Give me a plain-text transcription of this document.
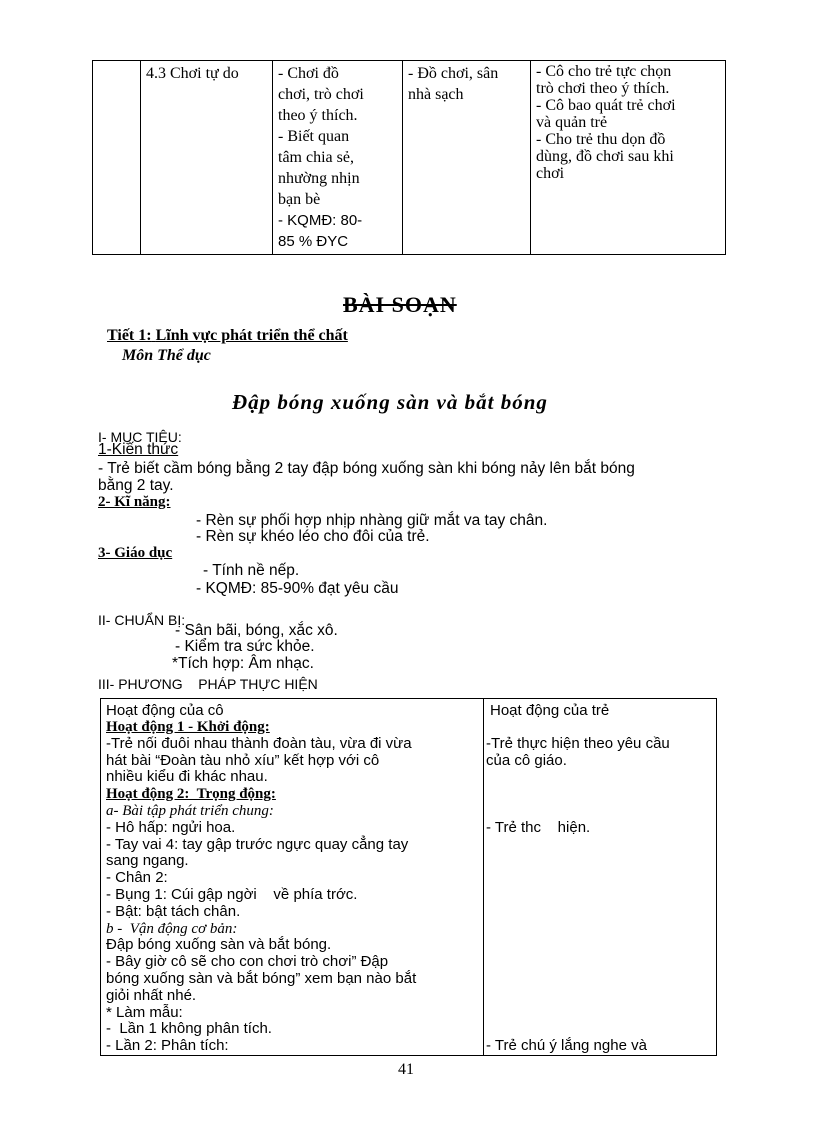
4.3 Chơi tự do	- Chơi đồ
chơi, trò chơi
theo ý thích.
- Biết quan
tâm chia sẻ,
nhường nhịn
bạn bè
- KQMĐ: 80-
85 % ĐYC
- Đồ chơi, sân
nhà sạch
- Cô cho trẻ tực chọn
trò chơi theo ý thích.
- Cô bao quát trẻ chơi
và quản trẻ
- Cho trẻ thu dọn đồ
dùng, đồ chơi sau khi
chơi
BÀI SOẠN
Tiết 1: Lĩnh vực phát triển thể chất
Môn Thể dục
Đập bóng xuống sàn và bắt bóng
I- MỤC TIÊU:
1-Kiến thức
- Trẻ biết cầm bóng bằng 2 tay đập bóng xuống sàn khi bóng nảy lên bắt bóng
bằng 2 tay.
2- Kĩ năng:
- Rèn sự phối hợp nhịp nhàng giữ mắt va tay chân.
- Rèn sự khéo léo cho đôi của trẻ.
3- Giáo dục
- Tính nề nếp.
- KQMĐ: 85-90% đạt yêu cầu
II- CHUẨN BỊ:
- Sân bãi, bóng, xắc xô.
- Kiểm tra sức khỏe.
*Tích hợp: Âm nhạc.
III- PHƯƠNG    PHÁP THỰC HIỆN
Hoạt động của cô	Hoạt động của trẻ
Hoạt động 1 - Khởi động:
-Trẻ nối đuôi nhau thành đoàn tàu, vừa đi vừa
hát bài “Đoàn tàu nhỏ xíu” kết hợp với cô
nhiều kiểu đi khác nhau.
Hoạt động 2:  Trọng động:
a- Bài tập phát triển chung:
- Hô hấp: ngửi hoa.
- Tay vai 4: tay gập trước ngực quay cẳng tay
sang ngang.
- Chân 2:
- Bụng 1: Cúi gập ngời    về phía trớc.
- Bật: bật tách chân.
b -  Vận động cơ bản:
Đập bóng xuống sàn và bắt bóng.
- Bây giờ cô sẽ cho con chơi trò chơi” Đập
bóng xuống sàn và bắt bóng” xem bạn nào bắt
giỏi nhất nhé.
* Làm mẫu:
-  Lần 1 không phân tích.
- Lần 2: Phân tích:
-Trẻ thực hiện theo yêu cầu
của cô giáo.
- Trẻ thc    hiện.
- Trẻ chú ý lắng nghe và
41
